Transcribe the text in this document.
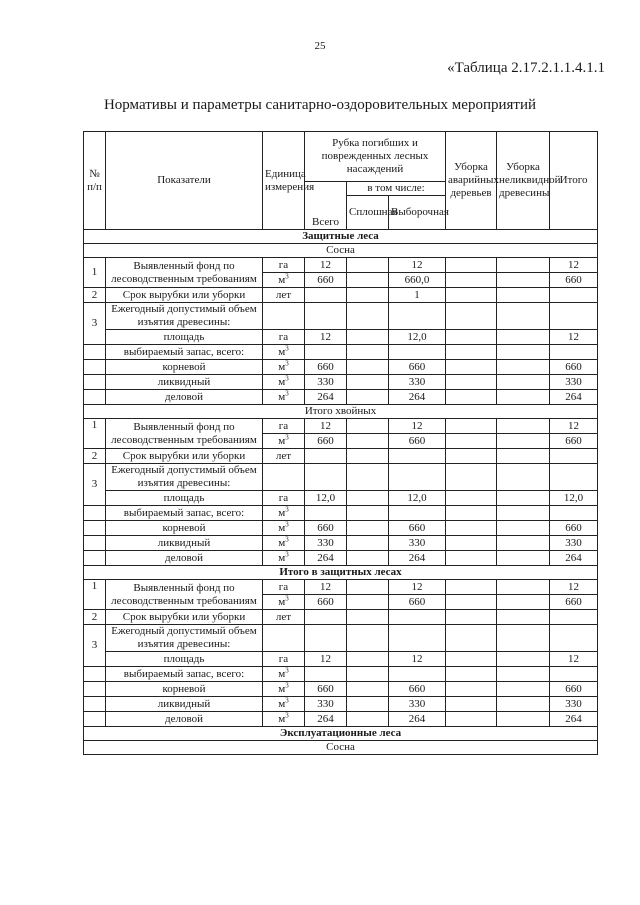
25
«Таблица 2.17.2.1.1.4.1.1
Нормативы и параметры санитарно-оздоровительных мероприятий
№ п/п	Показатели	Единица измерения	Рубка погибших и поврежденных лесных насаждений			Уборка аварийных деревьев	Уборка неликвидной древесины	Итого
			Всего	в том числе:				
				Сплошная	Выборочная			
Защитные леса								
Сосна								
1	Выявленный фонд по лесоводственным требованиям	га	12		12			12
		$м^3$	660		660,0			660

2	Срок вырубки или уборки	лет			1			
3	Ежегодный допустимый объем изъятия древесины:							

	площадь	га	12		12,0			12
	выбираемый запас, всего:	$м^3$						
	корневой	$м^3$	660		660			660
	ликвидный	$м^3$	330		330			330
	деловой	$м^3$	264		264			264
Итого хвойных								
1	Выявленный фонд по лесоводственным требованиям	га	12		12			12
		$м^3$	660		660			660

2	Срок вырубки или уборки	лет						
3	Ежегодный допустимый объем изъятия древесины:							

	площадь	га	12,0		12,0			12,0
	выбираемый запас, всего:	$м^3$						
	корневой	$м^3$	660		660			660
	ликвидный	$м^3$	330		330			330
	деловой	$м^3$	264		264			264
Итого в защитных лесах								
1	Выявленный фонд по лесоводственным требованиям	га	12		12			12
		$м^3$	660		660			660

2	Срок вырубки или уборки	лет						
3	Ежегодный допустимый объем изъятия древесины:							

	площадь	га	12		12			12
	выбираемый запас, всего:	$м^3$						
	корневой	$м^3$	660		660			660
	ликвидный	$м^3$	330		330			330
	деловой	$м^3$	264		264			264
Эксплуатационные леса								
Сосна								
